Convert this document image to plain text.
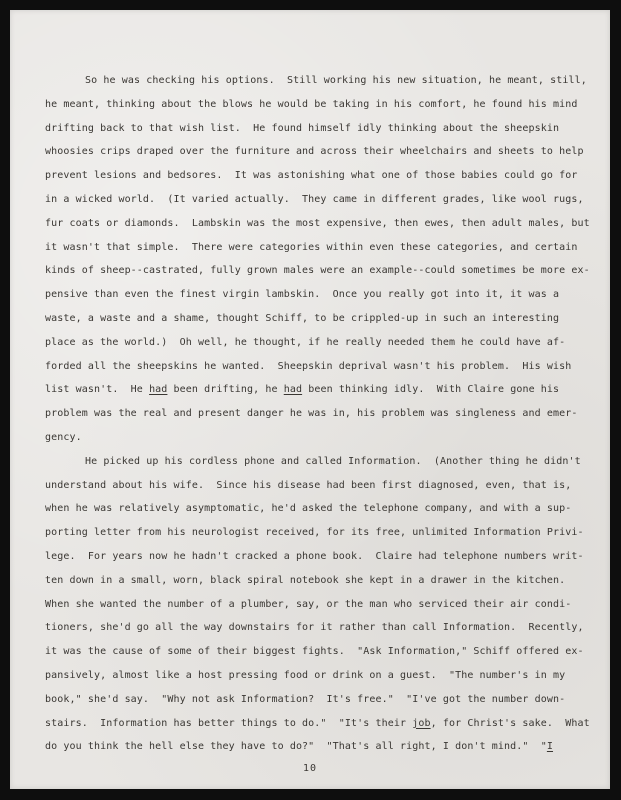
So he was checking his options.  Still working his new situation, he meant, still,
he meant, thinking about the blows he would be taking in his comfort, he found his mind
drifting back to that wish list.  He found himself idly thinking about the sheepskin
whoosies crips draped over the furniture and across their wheelchairs and sheets to help
prevent lesions and bedsores.  It was astonishing what one of those babies could go for
in a wicked world.  (It varied actually.  They came in different grades, like wool rugs,
fur coats or diamonds.  Lambskin was the most expensive, then ewes, then adult males, but
it wasn't that simple.  There were categories within even these categories, and certain
kinds of sheep--castrated, fully grown males were an example--could sometimes be more ex-
pensive than even the finest virgin lambskin.  Once you really got into it, it was a
waste, a waste and a shame, thought Schiff, to be crippled-up in such an interesting
place as the world.)  Oh well, he thought, if he really needed them he could have af-
forded all the sheepskins he wanted.  Sheepskin deprival wasn't his problem.  His wish
list wasn't.  He had been drifting, he had been thinking idly.  With Claire gone his
problem was the real and present danger he was in, his problem was singleness and emer-
gency.
He picked up his cordless phone and called Information.  (Another thing he didn't
understand about his wife.  Since his disease had been first diagnosed, even, that is,
when he was relatively asymptomatic, he'd asked the telephone company, and with a sup-
porting letter from his neurologist received, for its free, unlimited Information Privi-
lege.  For years now he hadn't cracked a phone book.  Claire had telephone numbers writ-
ten down in a small, worn, black spiral notebook she kept in a drawer in the kitchen.
When she wanted the number of a plumber, say, or the man who serviced their air condi-
tioners, she'd go all the way downstairs for it rather than call Information.  Recently,
it was the cause of some of their biggest fights.  "Ask Information," Schiff offered ex-
pansively, almost like a host pressing food or drink on a guest.  "The number's in my
book," she'd say.  "Why not ask Information?  It's free."  "I've got the number down-
stairs.  Information has better things to do."  "It's their job, for Christ's sake.  What
do you think the hell else they have to do?"  "That's all right, I don't mind."  "I
10
